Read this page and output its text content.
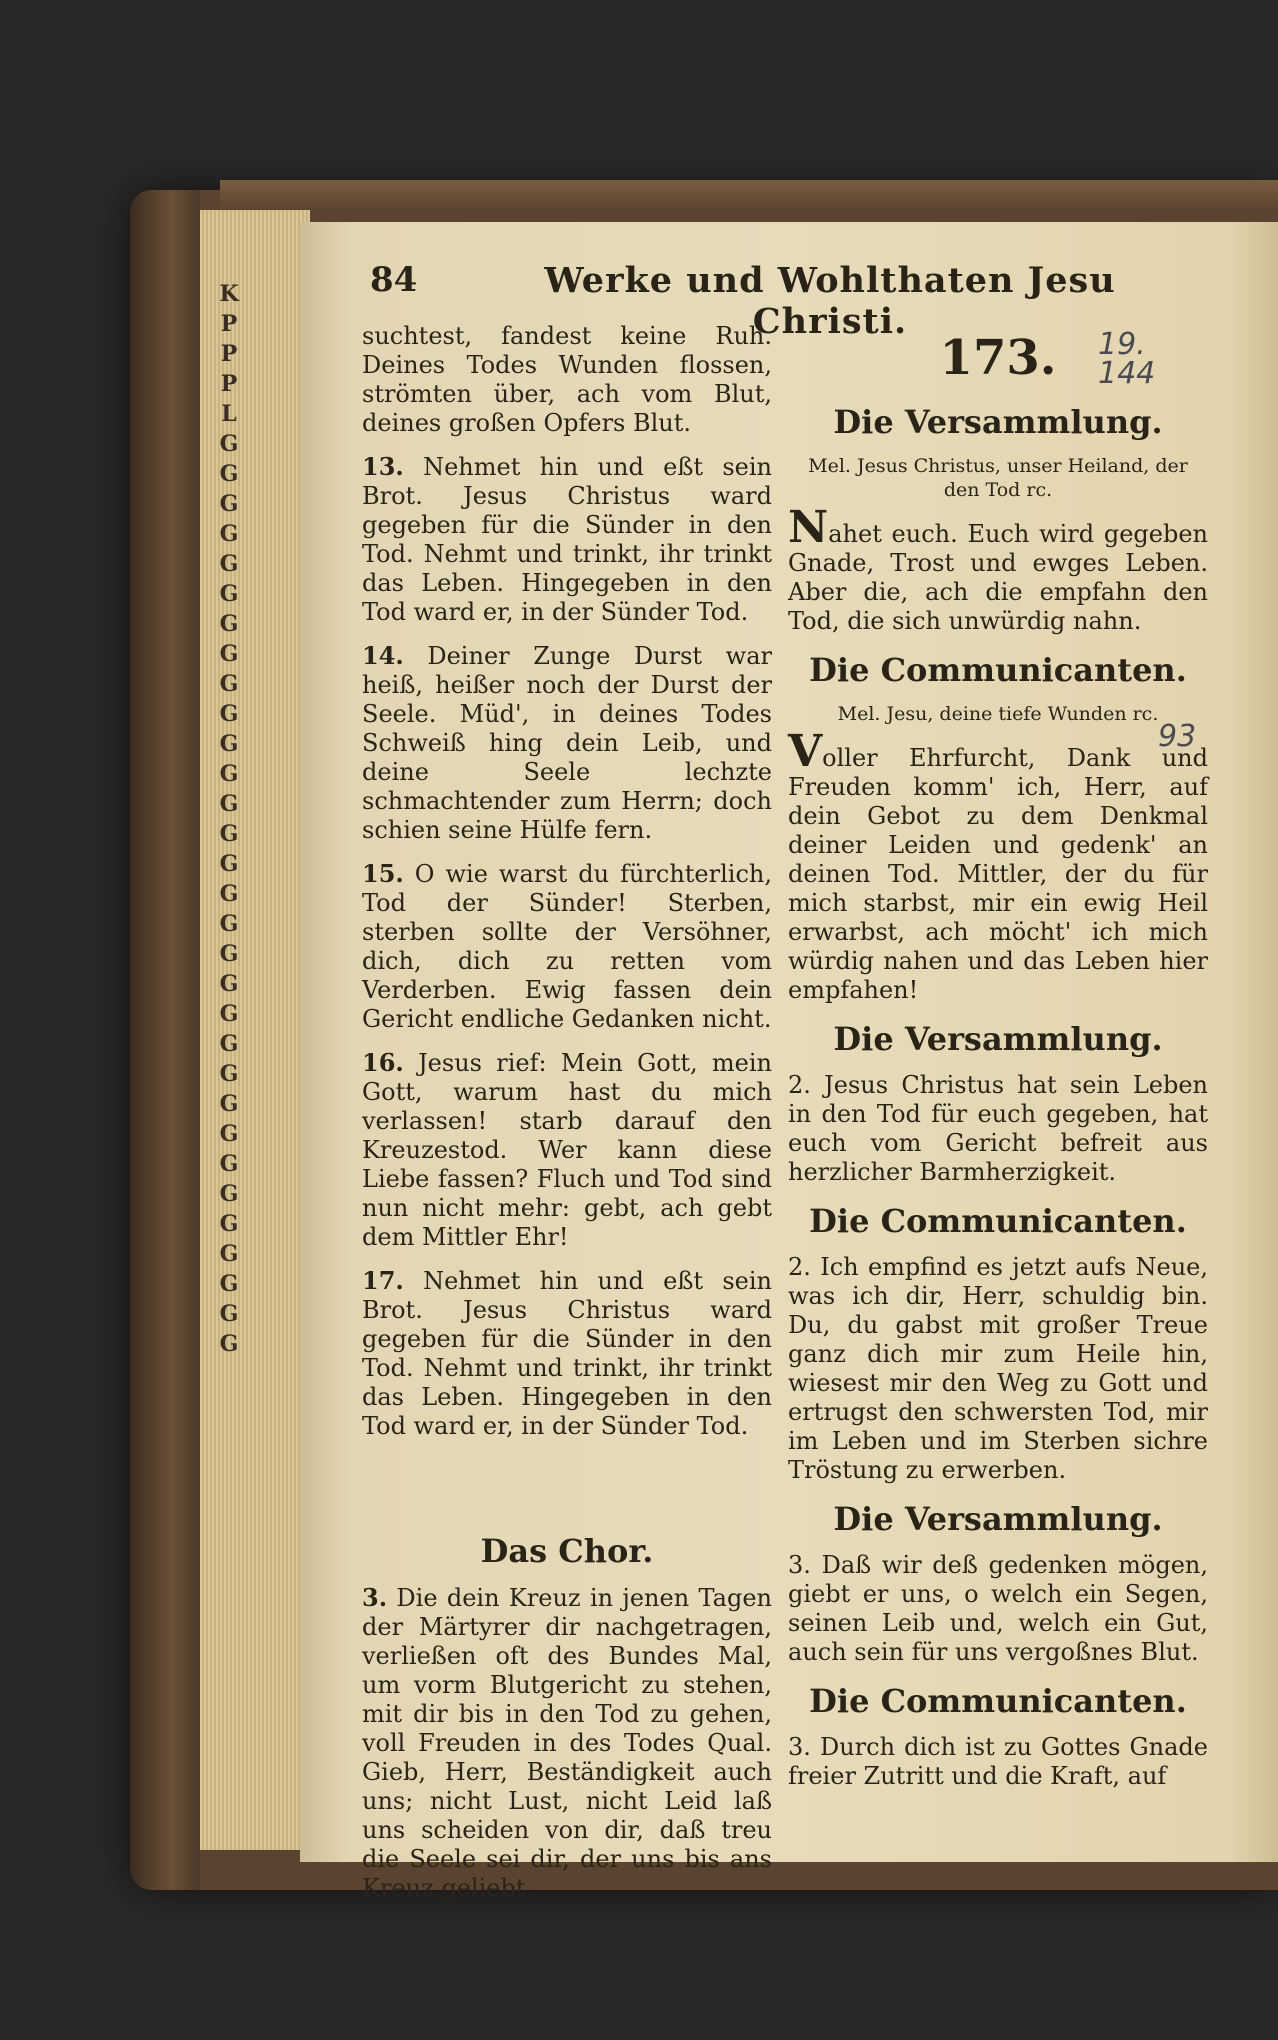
K
P
P
P
L
G
G
G
G
G
G
G
G
G
G
G
G
G
G
G
G
G
G
G
G
G
G
G
G
G
G
G
G
G
G
G
84	Werke und Wohlthaten Jesu Christi.

suchtest, fandest keine Ruh. Deines Todes Wunden flossen, strömten über, ach vom Blut, deines großen Opfers Blut.

13. Nehmet hin und eßt sein Brot. Jesus Christus ward gegeben für die Sünder in den Tod. Nehmt und trinkt, ihr trinkt das Leben. Hingegeben in den Tod ward er, in der Sünder Tod.

14. Deiner Zunge Durst war heiß, heißer noch der Durst der Seele. Müd', in deines Todes Schweiß hing dein Leib, und deine Seele lechzte schmachtender zum Herrn; doch schien seine Hülfe fern.

15. O wie warst du fürchterlich, Tod der Sünder! Sterben, sterben sollte der Versöhner, dich, dich zu retten vom Verderben. Ewig fassen dein Gericht endliche Gedanken nicht.

16. Jesus rief: Mein Gott, mein Gott, warum hast du mich verlassen! starb darauf den Kreuzestod. Wer kann diese Liebe fassen? Fluch und Tod sind nun nicht mehr: gebt, ach gebt dem Mittler Ehr!

17. Nehmet hin und eßt sein Brot. Jesus Christus ward gegeben für die Sünder in den Tod. Nehmt und trinkt, ihr trinkt das Leben. Hingegeben in den Tod ward er, in der Sünder Tod.

Das Chor.

3. Die dein Kreuz in jenen Tagen der Märtyrer dir nachgetragen, verließen oft des Bundes Mal, um vorm Blutgericht zu stehen, mit dir bis in den Tod zu gehen, voll Freuden in des Todes Qual. Gieb, Herr, Beständigkeit auch uns; nicht Lust, nicht Leid laß uns scheiden von dir, daß treu die Seele sei dir, der uns bis ans Kreuz geliebt.

173.	19. 144
93
Die Versammlung.
Mel. Jesus Christus, unser Heiland, der den Tod rc.

Nahet euch. Euch wird gegeben Gnade, Trost und ewges Leben. Aber die, ach die empfahn den Tod, die sich unwürdig nahn.

Die Communicanten.
Mel. Jesu, deine tiefe Wunden rc.

Voller Ehrfurcht, Dank und Freuden komm' ich, Herr, auf dein Gebot zu dem Denkmal deiner Leiden und gedenk' an deinen Tod. Mittler, der du für mich starbst, mir ein ewig Heil erwarbst, ach möcht' ich mich würdig nahen und das Leben hier empfahen!

Die Versammlung.

2. Jesus Christus hat sein Leben in den Tod für euch gegeben, hat euch vom Gericht befreit aus herzlicher Barmherzigkeit.

Die Communicanten.

2. Ich empfind es jetzt aufs Neue, was ich dir, Herr, schuldig bin. Du, du gabst mit großer Treue ganz dich mir zum Heile hin, wiesest mir den Weg zu Gott und ertrugst den schwersten Tod, mir im Leben und im Sterben sichre Tröstung zu erwerben.

Die Versammlung.

3. Daß wir deß gedenken mögen, giebt er uns, o welch ein Segen, seinen Leib und, welch ein Gut, auch sein für uns vergoßnes Blut.

Die Communicanten.

3. Durch dich ist zu Gottes Gnade freier Zutritt und die Kraft, auf
